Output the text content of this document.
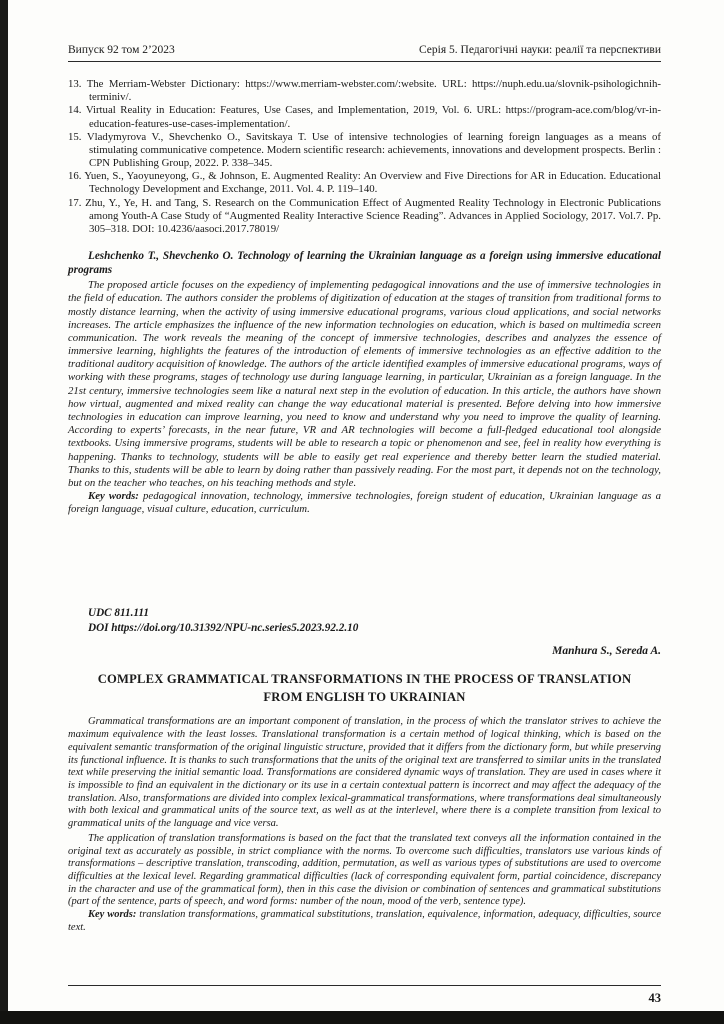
Випуск 92 том 2’2023	Серія 5. Педагогічні науки: реалії та перспективи
13. The Merriam-Webster Dictionary: https://www.merriam-webster.com/:website. URL: https://nuph.edu.ua/slovnik-psihologichnih-terminiv/.
14. Virtual Reality in Education: Features, Use Cases, and Implementation, 2019, Vol. 6. URL: https://program-ace.com/blog/vr-in-education-features-use-cases-implementation/.
15. Vladymyrova V., Shevchenko O., Savitskaya T. Use of intensive technologies of learning foreign languages as a means of stimulating communicative competence. Modern scientific research: achievements, innovations and development prospects. Berlin : CPN Publishing Group, 2022. P. 338–345.
16. Yuen, S., Yaoyuneyong, G., & Johnson, E. Augmented Reality: An Overview and Five Directions for AR in Education. Educational Technology Development and Exchange, 2011. Vol. 4. P. 119–140.
17. Zhu, Y., Ye, H. and Tang, S. Research on the Communication Effect of Augmented Reality Technology in Electronic Publications among Youth-A Case Study of “Augmented Reality Interactive Science Reading”. Advances in Applied Sociology, 2017. Vol.7. Pp. 305–318. DOI: 10.4236/aasoci.2017.78019/

Leshchenko T., Shevchenko O. Technology of learning the Ukrainian language as a foreign using immersive educational programs

The proposed article focuses on the expediency of implementing pedagogical innovations and the use of immersive technologies in the field of education. The authors consider the problems of digitization of education at the stages of transition from traditional forms to mostly distance learning, when the activity of using immersive educational programs, various cloud applications, and social networks increases. The article emphasizes the influence of the new information technologies on education, which is based on multimedia screen communication. The work reveals the meaning of the concept of immersive technologies, describes and analyzes the essence of immersive learning, highlights the features of the introduction of elements of immersive technologies as an effective addition to the traditional auditory acquisition of knowledge. The authors of the article identified examples of immersive educational programs, ways of working with these programs, stages of technology use during language learning, in particular, Ukrainian as a foreign language. In the 21st century, immersive technologies seem like a natural next step in the evolution of education. In this article, the authors have shown how virtual, augmented and mixed reality can change the way educational material is presented. Before delving into how immersive technologies in education can improve learning, you need to know and understand why you need to improve the quality of learning. According to experts’ forecasts, in the near future, VR and AR technologies will become a full-fledged educational tool alongside textbooks. Using immersive programs, students will be able to research a topic or phenomenon and see, feel in reality how everything is happening. Thanks to technology, students will be able to easily get real experience and thereby better learn the studied material. Thanks to this, students will be able to learn by doing rather than passively reading. For the most part, it depends not on the technology, but on the teacher who teaches, on his teaching methods and style.

Key words: pedagogical innovation, technology, immersive technologies, foreign student of education, Ukrainian language as a foreign language, visual culture, education, curriculum.

UDC 811.111

DOI https://doi.org/10.31392/NPU-nc.series5.2023.92.2.10

Manhura S., Sereda A.

COMPLEX GRAMMATICAL TRANSFORMATIONS IN THE PROCESS OF TRANSLATION FROM ENGLISH TO UKRAINIAN

Grammatical transformations are an important component of translation, in the process of which the translator strives to achieve the maximum equivalence with the least losses. Translational transformation is a certain method of logical thinking, which is based on the equivalent semantic transformation of the original linguistic structure, provided that it differs from the dictionary form, but while preserving its functional influence. It is thanks to such transformations that the units of the original text are transferred to similar units in the translated text while preserving the initial semantic load. Transformations are considered dynamic ways of translation. They are used in cases where it is impossible to find an equivalent in the dictionary or its use in a certain contextual pattern is incorrect and may affect the adequacy of the translation. Also, transformations are divided into complex lexical-grammatical transformations, where transformations deal simultaneously with both lexical and grammatical units of the source text, as well as at the interlevel, where there is a complete transition from lexical to grammatical units of the language and vice versa.

The application of translation transformations is based on the fact that the translated text conveys all the information contained in the original text as accurately as possible, in strict compliance with the norms. To overcome such difficulties, translators use various kinds of transformations – descriptive translation, transcoding, addition, permutation, as well as various types of substitutions are used to overcome difficulties at the lexical level. Regarding grammatical difficulties (lack of corresponding equivalent form, partial coincidence, discrepancy in the character and use of the grammatical form), then in this case the division or combination of sentences and grammatical substitutions (part of the sentence, parts of speech, and word forms: number of the noun, mood of the verb, sentence type).

Key words: translation transformations, grammatical substitutions, translation, equivalence, information, adequacy, difficulties, source text.

43
